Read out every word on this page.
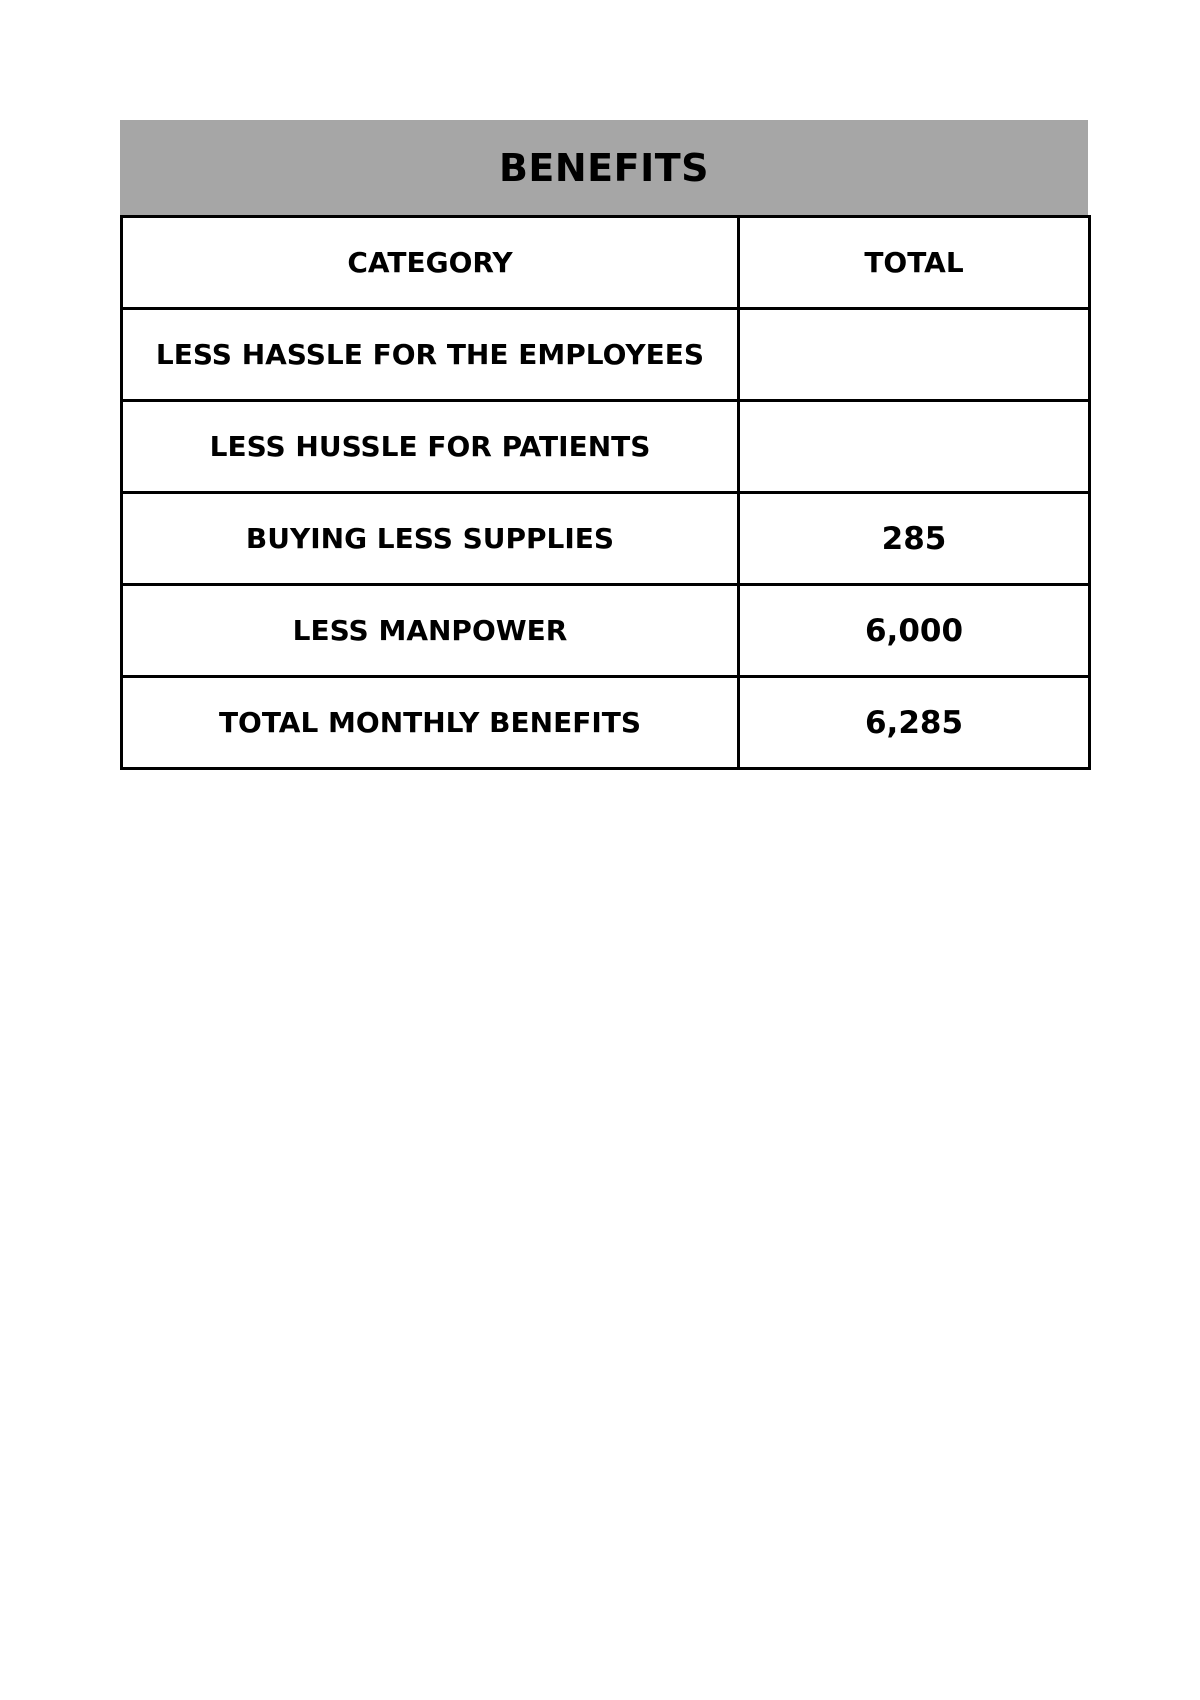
BENEFITS
CATEGORY	TOTAL
LESS HASSLE FOR THE EMPLOYEES	
LESS HUSSLE FOR PATIENTS	
BUYING LESS SUPPLIES	285
LESS MANPOWER	6,000
TOTAL MONTHLY BENEFITS	6,285
